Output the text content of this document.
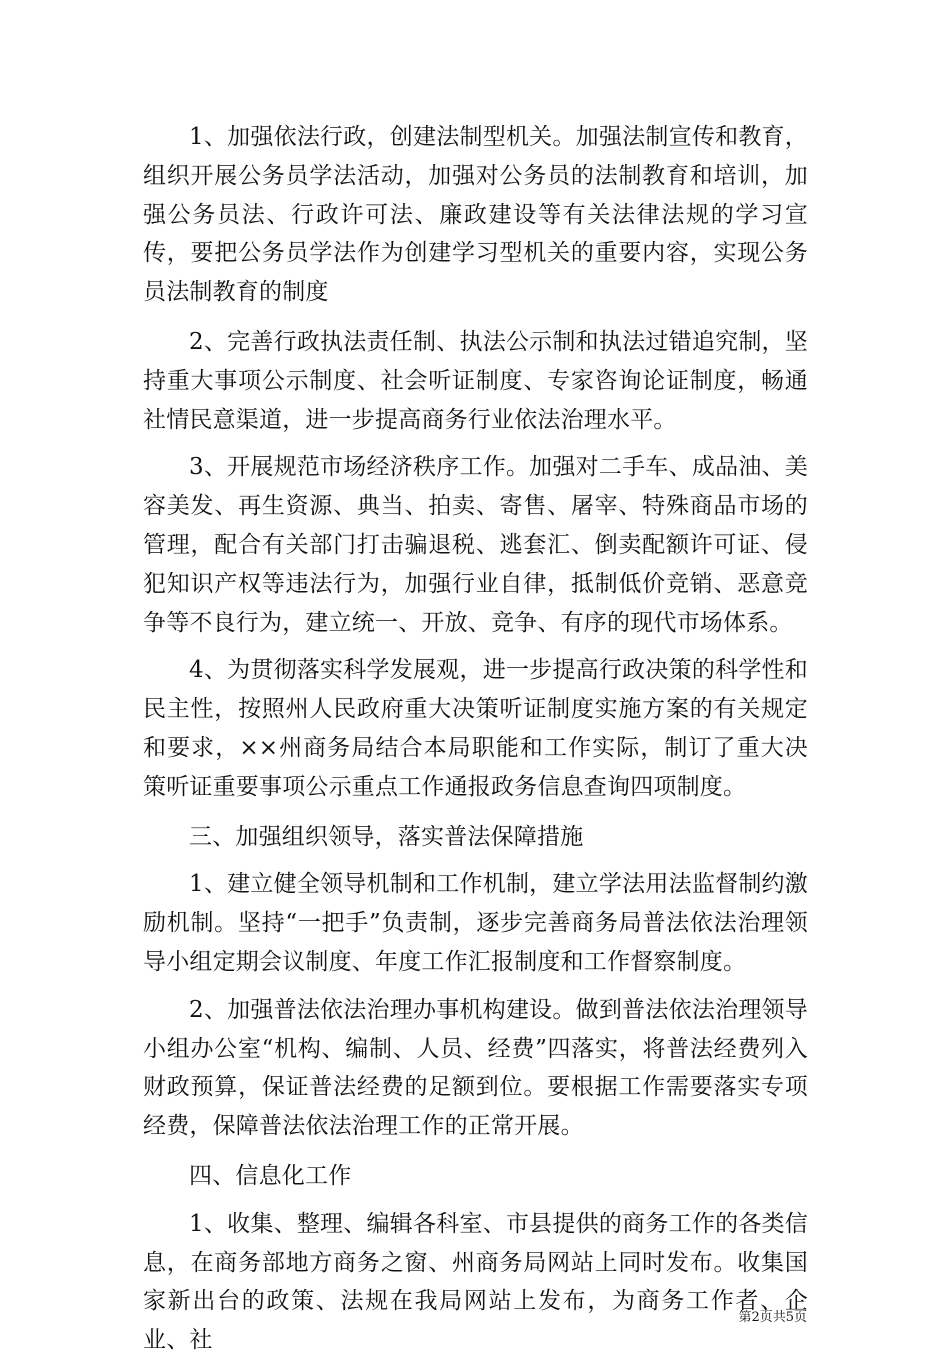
1、加强依法行政，创建法制型机关。加强法制宣传和教育，组织开展公务员学法活动，加强对公务员的法制教育和培训，加强公务员法、行政许可法、廉政建设等有关法律法规的学习宣传，要把公务员学法作为创建学习型机关的重要内容，实现公务员法制教育的制度

2、完善行政执法责任制、执法公示制和执法过错追究制，坚持重大事项公示制度、社会听证制度、专家咨询论证制度，畅通社情民意渠道，进一步提高商务行业依法治理水平。

3、开展规范市场经济秩序工作。加强对二手车、成品油、美容美发、再生资源、典当、拍卖、寄售、屠宰、特殊商品市场的管理，配合有关部门打击骗退税、逃套汇、倒卖配额许可证、侵犯知识产权等违法行为，加强行业自律，抵制低价竞销、恶意竞争等不良行为，建立统一、开放、竞争、有序的现代市场体系。

4、为贯彻落实科学发展观，进一步提高行政决策的科学性和民主性，按照州人民政府重大决策听证制度实施方案的有关规定和要求，××州商务局结合本局职能和工作实际，制订了重大决策听证重要事项公示重点工作通报政务信息查询四项制度。

三、加强组织领导，落实普法保障措施

1、建立健全领导机制和工作机制，建立学法用法监督制约激励机制。坚持“一把手”负责制，逐步完善商务局普法依法治理领导小组定期会议制度、年度工作汇报制度和工作督察制度。

2、加强普法依法治理办事机构建设。做到普法依法治理领导小组办公室“机构、编制、人员、经费”四落实，将普法经费列入财政预算，保证普法经费的足额到位。要根据工作需要落实专项经费，保障普法依法治理工作的正常开展。

四、信息化工作

1、收集、整理、编辑各科室、市县提供的商务工作的各类信息，在商务部地方商务之窗、州商务局网站上同时发布。收集国家新出台的政策、法规在我局网站上发布，为商务工作者、企业、社

第2页共5页
